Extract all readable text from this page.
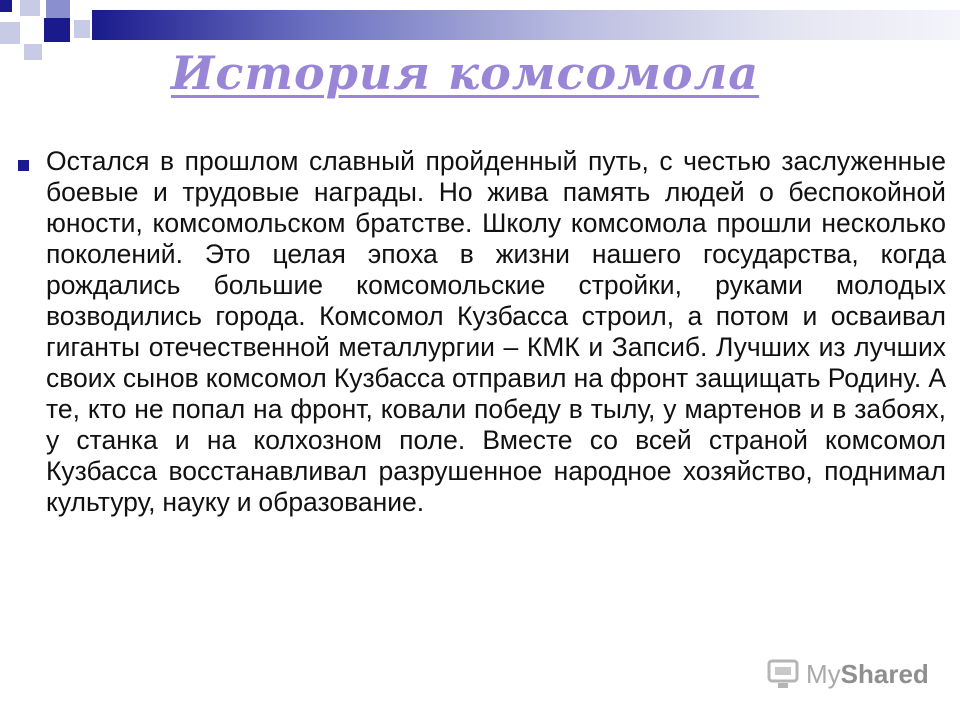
История комсомола
Остался в прошлом славный пройденный путь, с честью заслуженные боевые и трудовые награды. Но жива память людей о беспокойной юности, комсомольском братстве. Школу комсомола прошли несколько поколений. Это целая эпоха в жизни нашего государства, когда рождались большие комсомольские стройки, руками молодых возводились города. Комсомол Кузбасса строил, а потом и осваивал гиганты отечественной металлургии – КМК и Запсиб. Лучших из лучших своих сынов комсомол Кузбасса отправил на фронт защищать Родину. А те, кто не попал на фронт, ковали победу в тылу, у мартенов и в забоях, у станка и на колхозном поле. Вместе со всей страной комсомол Кузбасса восстанавливал разрушенное народное хозяйство, поднимал культуру, науку и образование.
My Shared
